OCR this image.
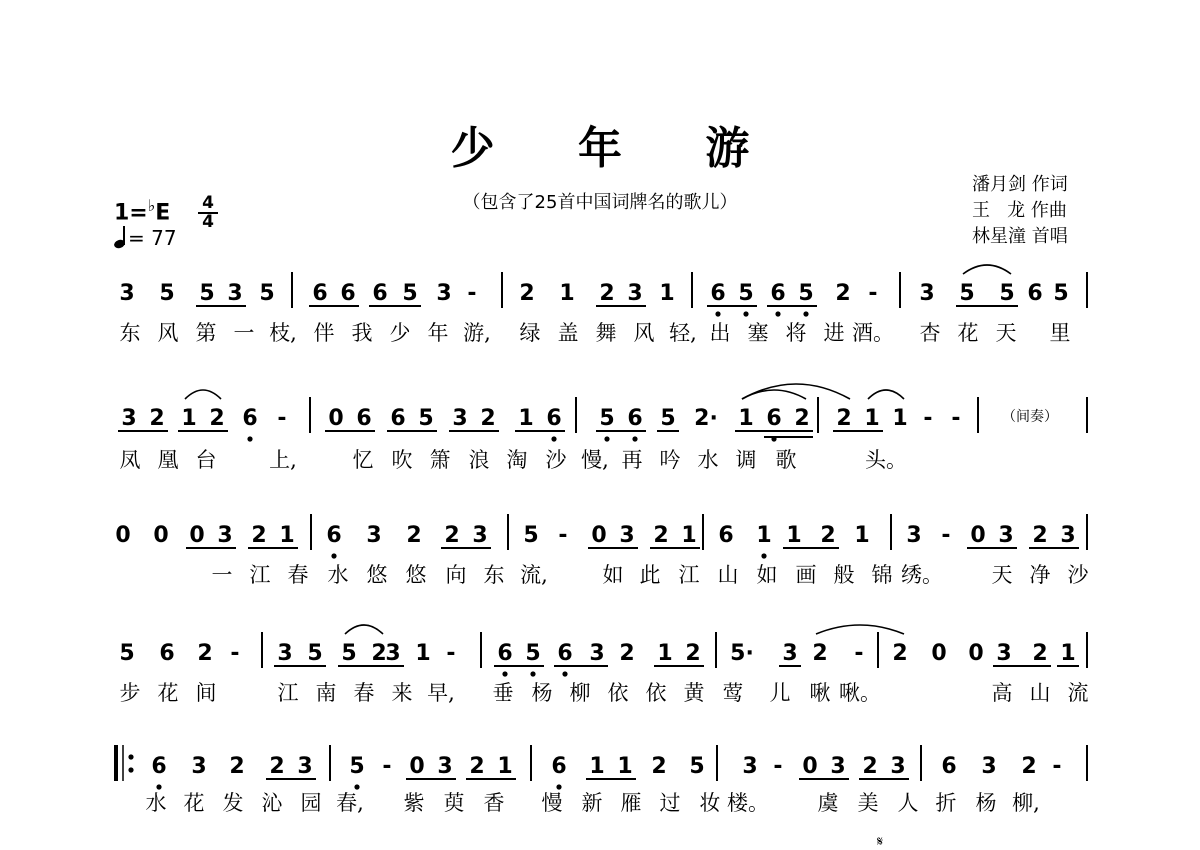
少 年 游
（包含了25首中国词牌名的歌儿）
潘月剑 作词
王   龙 作曲
林星潼 首唱
1=♭E 4
4
= 77
3 5 5 3 5 6 6 6 5 3 - 2 1 2 3 1 6 5 6 5 2 - 3 5 5 6 5
东 风 第 一 枝, 伴 我 少 年 游, 绿 盖 舞 风 轻, 出 塞 将 进 酒。 杏 花 天 里
3 2 1 2 6 - 0 6 6 5 3 2 1 6 5 6 5 2· 1 6 2 2 1 1 - -
凤 凰 台	上,	忆 吹 箫 浪 淘 沙 慢, 再 吟 水 调 歌	头。
0 0 0 3 2 1 6 3 2 2 3 5 - 0 3 2 1 6 1 1 2 1 3 - 0 3 2 3
一 江 春 水 悠 悠 向 东 流,	如 此 江 山 如 画 般 锦 绣。 天 净 沙
5 6 2 - 3 5 5 2
3 1 - 6 5 6 3 2 1 2 5· 3 2 - 2 0 0 3 2 1
步 花 间	江 南 春 来 早, 垂 杨 柳 依 依 黄 莺 儿 啾 啾。	高 山 流
6 3 2 2 3 5 - 0 3 2 1 6 1 1 2 5 3 - 0 3 2 3 6 3 2 -
水 花 发 沁 园 春, 紫 萸 香 慢 新 雁 过 妆 楼。 虞 美 人 折 杨 柳,
（间奏）
𝄋
